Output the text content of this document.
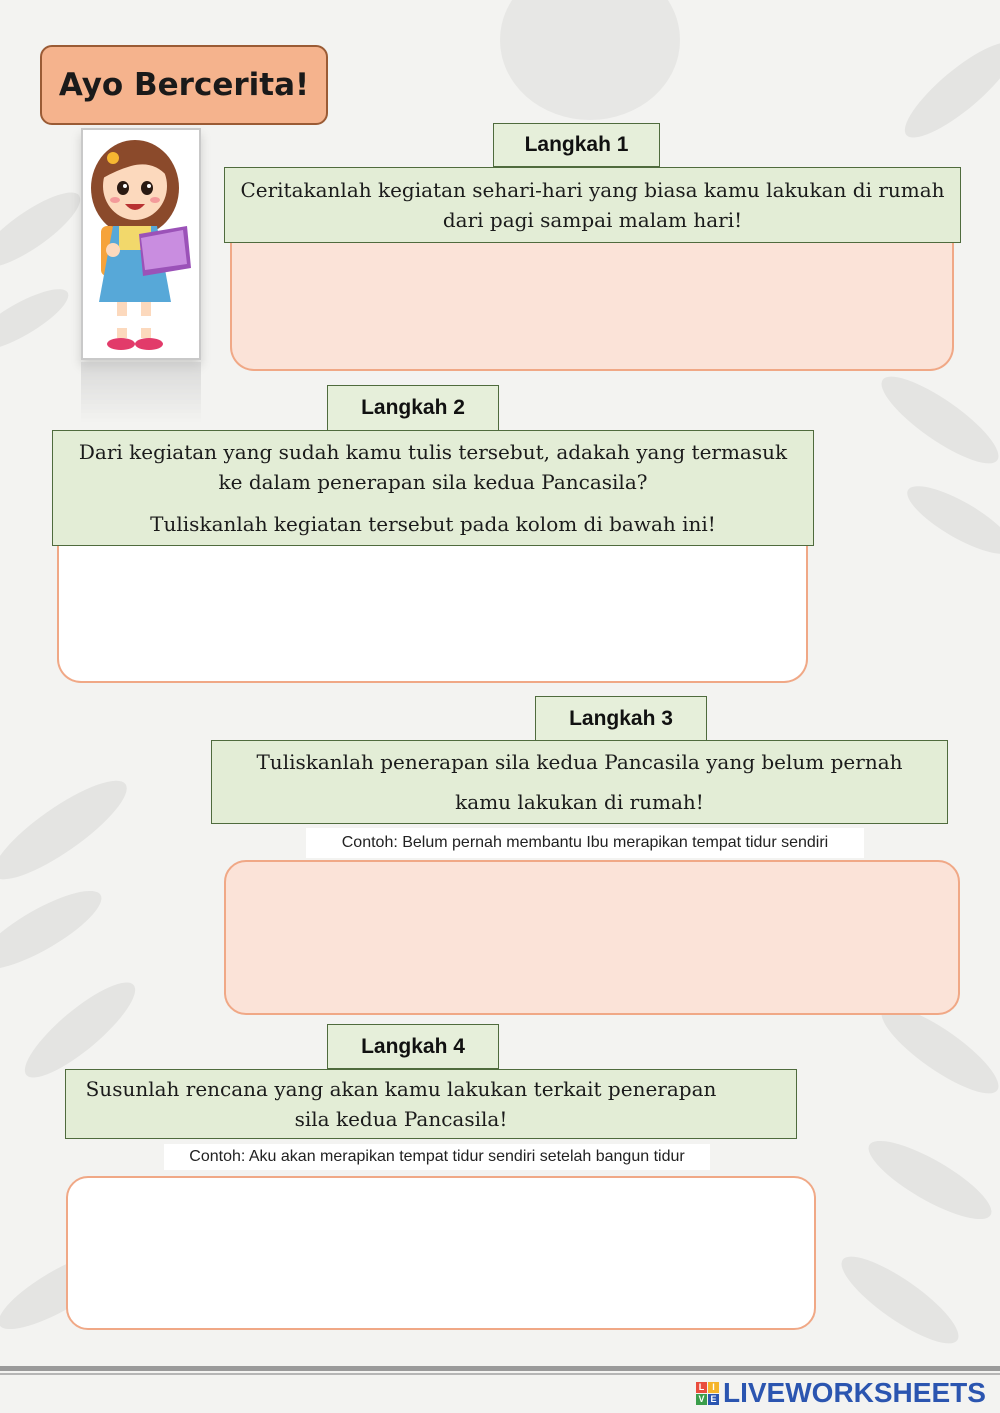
Ayo Bercerita!
Langkah 1

Ceritakanlah kegiatan sehari-hari yang biasa kamu lakukan di rumah

dari pagi sampai malam hari!

Langkah 2

Dari kegiatan yang sudah kamu tulis tersebut, adakah yang termasuk

ke dalam penerapan sila kedua Pancasila?

Tuliskanlah kegiatan tersebut pada kolom di bawah ini!

Langkah 3

Tuliskanlah penerapan sila kedua Pancasila yang belum pernah

kamu lakukan di rumah!

Contoh: Belum pernah membantu Ibu merapikan tempat tidur sendiri
Langkah 4

Susunlah rencana yang akan kamu lakukan terkait penerapan

sila kedua Pancasila!

Contoh: Aku akan merapikan tempat tidur sendiri setelah bangun tidur
L I
V E LIVEWORKSHEETS
